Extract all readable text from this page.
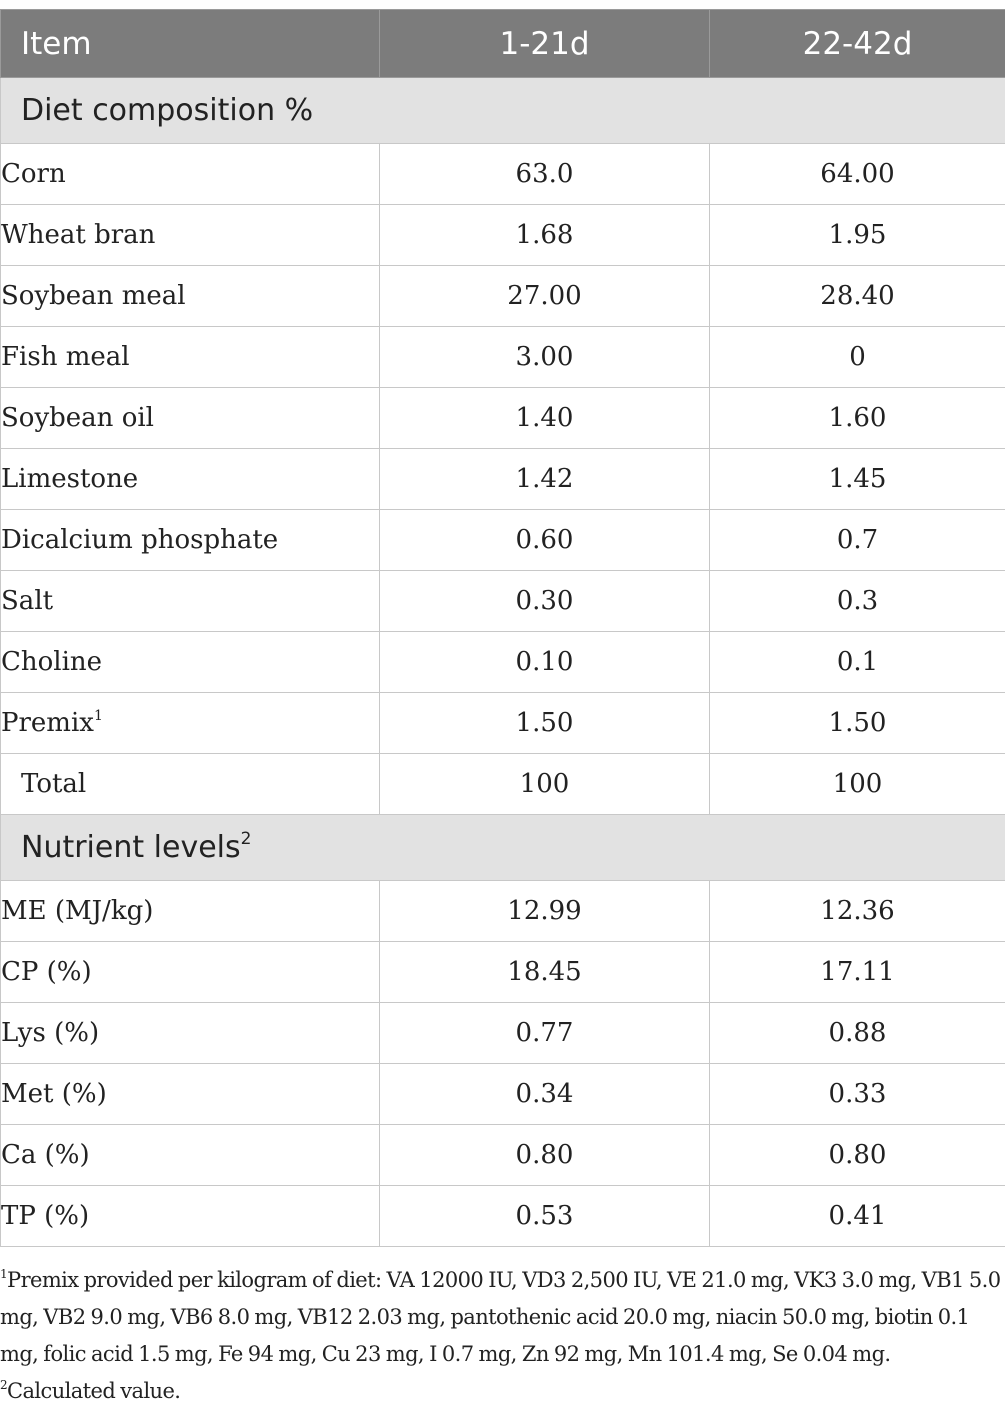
Item	1-21d	22-42d
Diet composition %		
Corn	63.0	64.00
Wheat bran	1.68	1.95
Soybean meal	27.00	28.40
Fish meal	3.00	0
Soybean oil	1.40	1.60
Limestone	1.42	1.45
Dicalcium phosphate	0.60	0.7
Salt	0.30	0.3
Choline	0.10	0.1
Premix$^1$	1.50	1.50
Total	100	100
Nutrient levels$^2$
ME (MJ/kg)	12.99	12.36
CP (%)	18.45	17.11
Lys (%)	0.77	0.88
Met (%)	0.34	0.33
Ca (%)	0.80	0.80
TP (%)	0.53	0.41
$^1$Premix provided per kilogram of diet: VA 12000 IU, VD3 2,500 IU, VE 21.0 mg, VK3 3.0 mg, VB1 5.0 mg, VB2 9.0 mg, VB6 8.0 mg, VB12 2.03 mg, pantothenic acid 20.0 mg, niacin 50.0 mg, biotin 0.1 mg, folic acid 1.5 mg, Fe 94 mg, Cu 23 mg, I 0.7 mg, Zn 92 mg, Mn 101.4 mg, Se 0.04 mg. $^2$Calculated value.
